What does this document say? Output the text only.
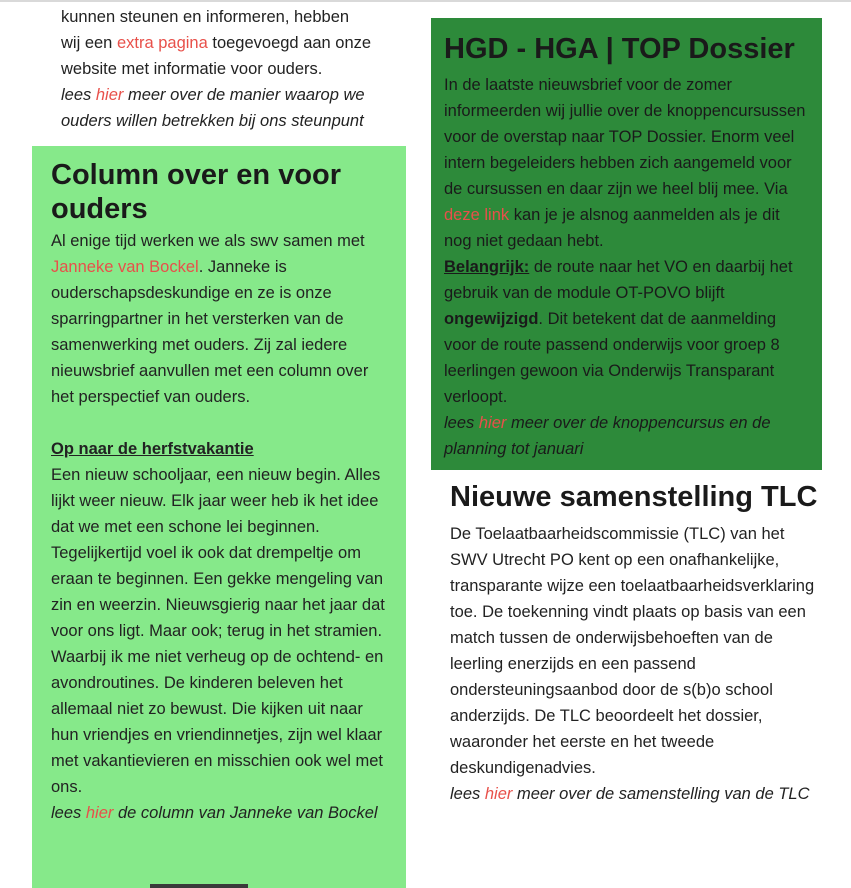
kunnen steunen en informeren, hebben
wij een extra pagina toegevoegd aan onze
website met informatie voor ouders.

lees hier meer over de manier waarop we ouders willen betrekken bij ons steunpunt

Column over en voor ouders

Al enige tijd werken we als swv samen met Janneke van Bockel. Janneke is ouderschapsdeskundige en ze is onze sparringpartner in het versterken van de samenwerking met ouders. Zij zal iedere nieuwsbrief aanvullen met een column over het perspectief van ouders.

Op naar de herfstvakantie

Een nieuw schooljaar, een nieuw begin. Alles lijkt weer nieuw. Elk jaar weer heb ik het idee dat we met een schone lei beginnen. Tegelijkertijd voel ik ook dat drempeltje om eraan te beginnen. Een gekke mengeling van zin en weerzin. Nieuwsgierig naar het jaar dat voor ons ligt. Maar ook; terug in het stramien. Waarbij ik me niet verheug op de ochtend- en avondroutines. De kinderen beleven het allemaal niet zo bewust. Die kijken uit naar hun vriendjes en vriendinnetjes, zijn wel klaar met vakantievieren en misschien ook wel met ons.

lees hier de column van Janneke van Bockel

HGD - HGA | TOP Dossier

In de laatste nieuwsbrief voor de zomer informeerden wij jullie over de knoppencursussen voor de overstap naar TOP Dossier. Enorm veel intern begeleiders hebben zich aangemeld voor de cursussen en daar zijn we heel blij mee. Via deze link kan je je alsnog aanmelden als je dit nog niet gedaan hebt.

Belangrijk: de route naar het VO en daarbij het gebruik van de module OT-POVO blijft ongewijzigd. Dit betekent dat de aanmelding voor de route passend onderwijs voor groep 8 leerlingen gewoon via Onderwijs Transparant verloopt.

lees hier meer over de knoppencursus en de planning tot januari

Nieuwe samenstelling TLC

De Toelaatbaarheidscommissie (TLC) van het SWV Utrecht PO kent op een onafhankelijke, transparante wijze een toelaatbaarheidsverklaring toe. De toekenning vindt plaats op basis van een match tussen de onderwijsbehoeften van de leerling enerzijds en een passend ondersteuningsaanbod door de s(b)o school anderzijds. De TLC beoordeelt het dossier, waaronder het eerste en het tweede deskundigenadvies.

lees hier meer over de samenstelling van de TLC
